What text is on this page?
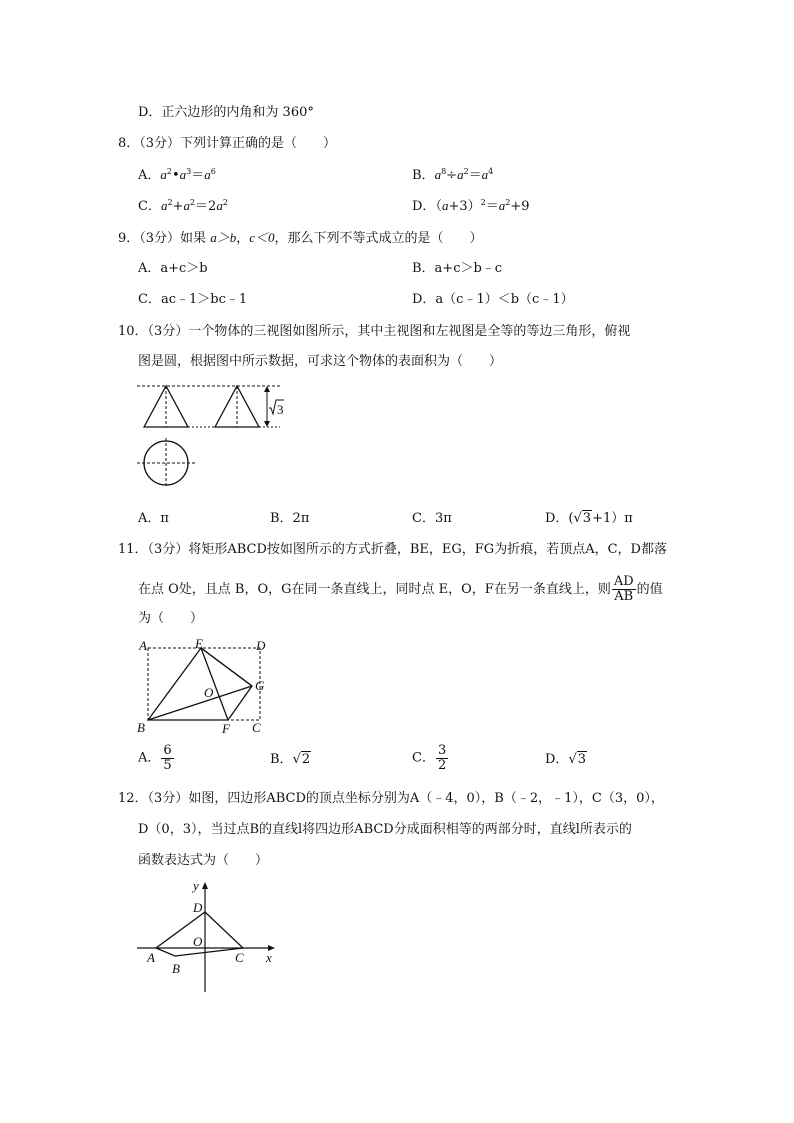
D．正六边形的内角和为 360°
8．（3分）下列计算正确的是（　　）
A．$a^2•a^3=a^6$	B．$a^8\div a^2=a^4$
C．$a^2+a^2=2a^2$	D．$(a+3)^2=a^2+9$
9．（3分）如果 a＞b，c＜0，那么下列不等式成立的是（　　）
A．a+c＞b	B．a+c＞b﹣c
C．ac﹣1＞bc﹣1	D．a（c﹣1）＜b（c﹣1）
10．（3分）一个物体的三视图如图所示，其中主视图和左视图是全等的等边三角形，俯视
图是圆，根据图中所示数据，可求这个物体的表面积为（　　）
3
A．π	B．2π	C．3π	D．(√3+1）π
11．（3分）将矩形ABCD按如图所示的方式折叠，BE，EG，FG为折痕，若顶点A，C，D都落
在点 O处，且点 B，O，G在同一条直线上，同时点 E，O，F在另一条直线上，则 $\frac{AD}{AB}$ 的值
为（　　）
A	E	D
O	G
B	F C
A． $\frac{6}{5}$	B．√2	C． $\frac{3}{2}$	D．√3
12．（3分）如图，四边形ABCD的顶点坐标分别为A（﹣4，0），B（﹣2，﹣1），C（3，0），
D（0，3），当过点B的直线l将四边形ABCD分成面积相等的两部分时，直线l所表示的
函数表达式为（　　）
y
D
O
A
B
C x
